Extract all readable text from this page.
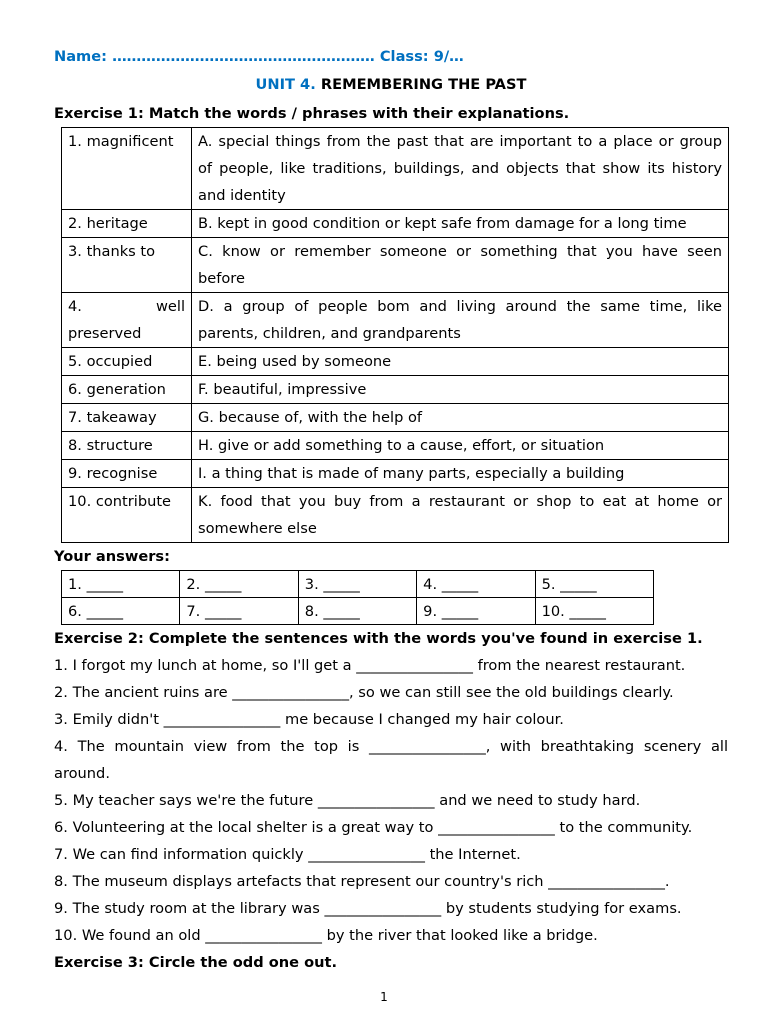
Name: ……………………………………………… Class: 9/…
UNIT 4. REMEMBERING THE PAST
Exercise 1: Match the words / phrases with their explanations.
1. magnificent	A. special things from the past that are important to a place or group of people, like traditions, buildings, and objects that show its history and identity
2. heritage	B. kept in good condition or kept safe from damage for a long time
3. thanks to	C. know or remember someone or something that you have seen before
4. well preserved	D. a group of people bom and living around the same time, like parents, children, and grandparents
5. occupied	E. being used by someone
6. generation	F. beautiful, impressive
7. takeaway	G. because of, with the help of
8. structure	H. give or add something to a cause, effort, or situation
9. recognise	I. a thing that is made of many parts, especially a building
10. contribute	K. food that you buy from a restaurant or shop to eat at home or somewhere else
Your answers:
1. _____	2. _____	3. _____	4. _____	5. _____
6. _____	7. _____	8. _____	9. _____	10. _____
Exercise 2: Complete the sentences with the words you've found in exercise 1.
1. I forgot my lunch at home, so I'll get a ________________ from the nearest restaurant.
2. The ancient ruins are ________________, so we can still see the old buildings clearly.
3. Emily didn't ________________ me because I changed my hair colour.
4. The mountain view from the top is ________________, with breathtaking scenery all around.
5. My teacher says we're the future ________________ and we need to study hard.
6. Volunteering at the local shelter is a great way to ________________ to the community.
7. We can find information quickly ________________ the Internet.
8. The museum displays artefacts that represent our country's rich ________________.
9. The study room at the library was ________________ by students studying for exams.
10. We found an old ________________ by the river that looked like a bridge.
Exercise 3: Circle the odd one out.
1
